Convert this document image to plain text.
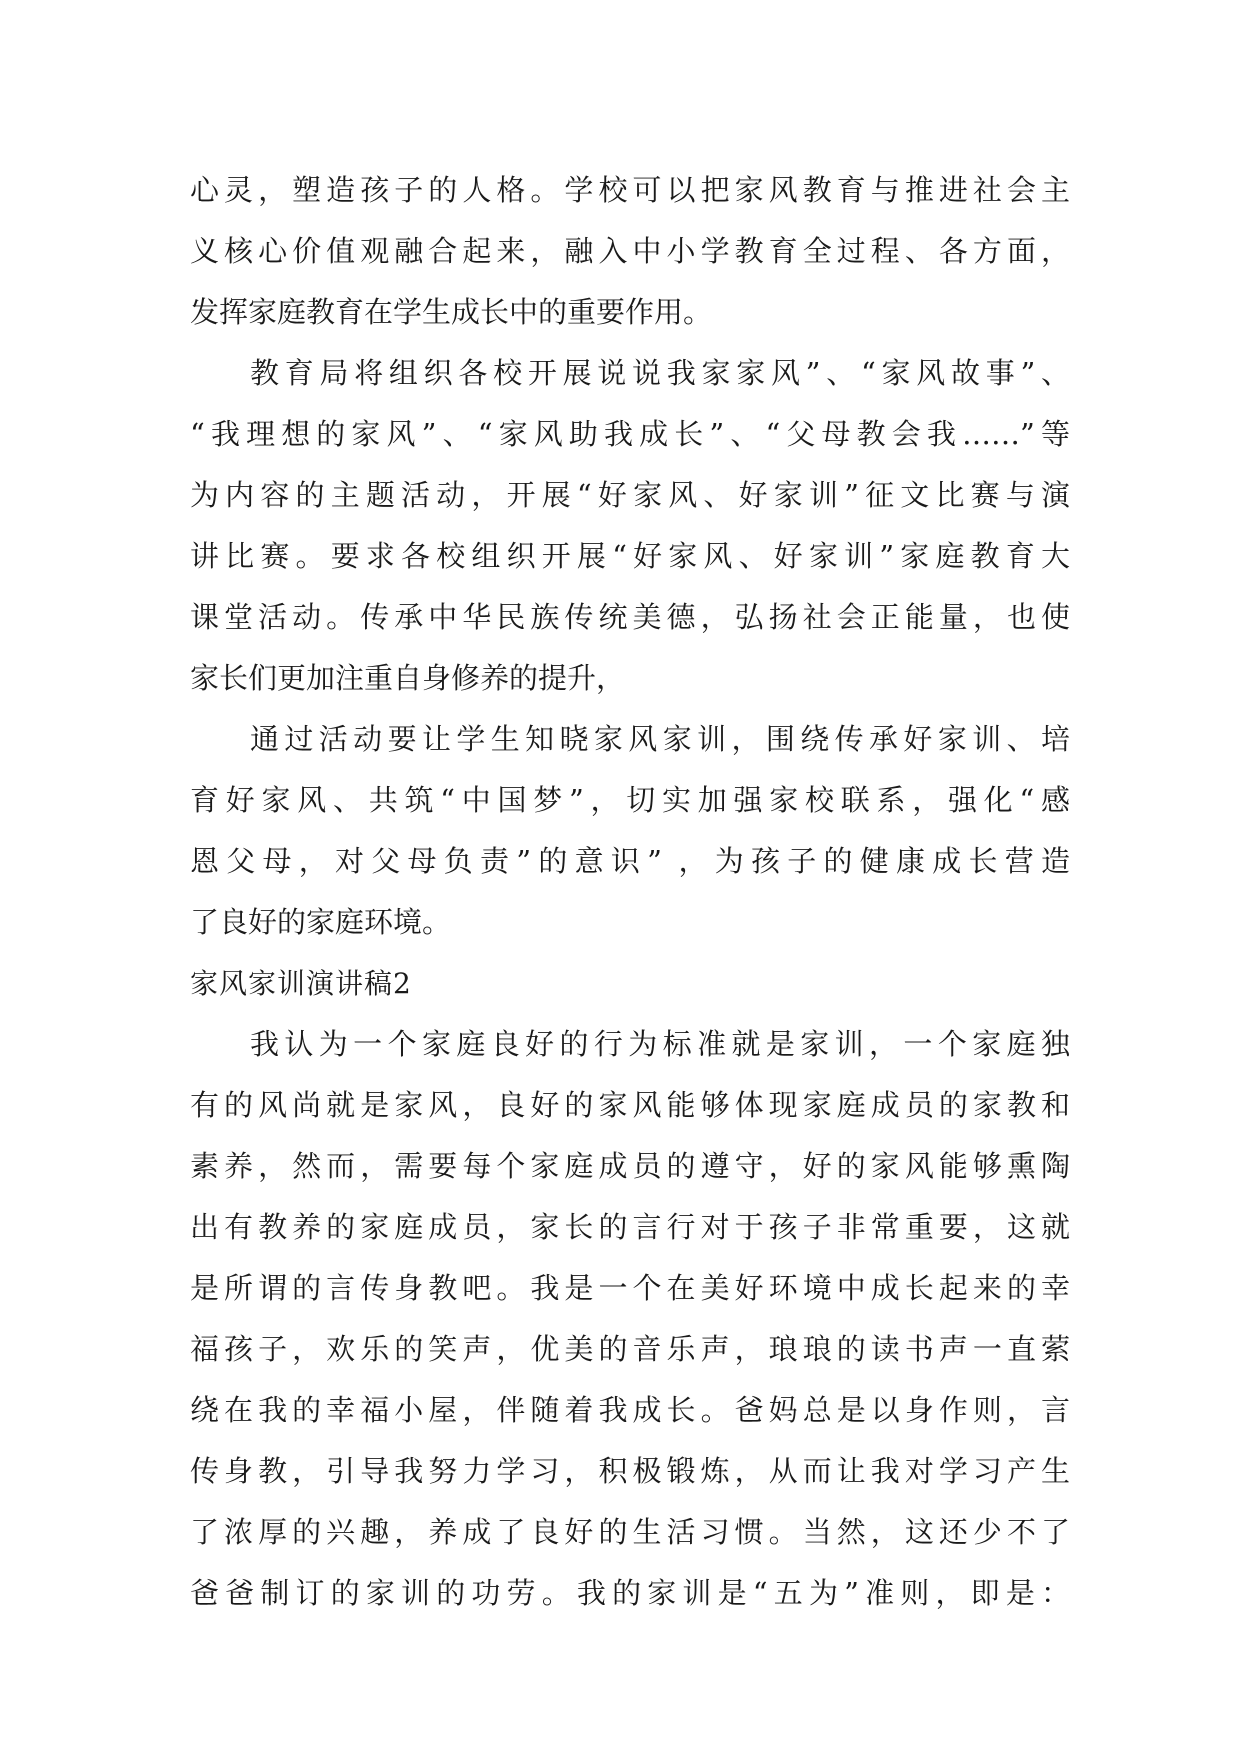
心灵，塑造孩子的人格。学校可以把家风教育与推进社会主
义核心价值观融合起来，融入中小学教育全过程、各方面，
发挥家庭教育在学生成长中的重要作用。
教育局将组织各校开展说说我家家风”、“家风故事”、
“我理想的家风”、“家风助我成长”、“父母教会我……”等
为内容的主题活动，开展“好家风、好家训”征文比赛与演
讲比赛。要求各校组织开展“好家风、好家训”家庭教育大
课堂活动。传承中华民族传统美德，弘扬社会正能量，也使
家长们更加注重自身修养的提升，
通过活动要让学生知晓家风家训，围绕传承好家训、培
育好家风、共筑“中国梦”，切实加强家校联系，强化“感
恩父母，对父母负责”的意识” ，为孩子的健康成长营造
了良好的家庭环境。
家风家训演讲稿2
我认为一个家庭良好的行为标准就是家训，一个家庭独
有的风尚就是家风，良好的家风能够体现家庭成员的家教和
素养，然而，需要每个家庭成员的遵守，好的家风能够熏陶
出有教养的家庭成员，家长的言行对于孩子非常重要，这就
是所谓的言传身教吧。我是一个在美好环境中成长起来的幸
福孩子，欢乐的笑声，优美的音乐声，琅琅的读书声一直萦
绕在我的幸福小屋，伴随着我成长。爸妈总是以身作则，言
传身教，引导我努力学习，积极锻炼，从而让我对学习产生
了浓厚的兴趣，养成了良好的生活习惯。当然，这还少不了
爸爸制订的家训的功劳。我的家训是“五为”准则，即是：
